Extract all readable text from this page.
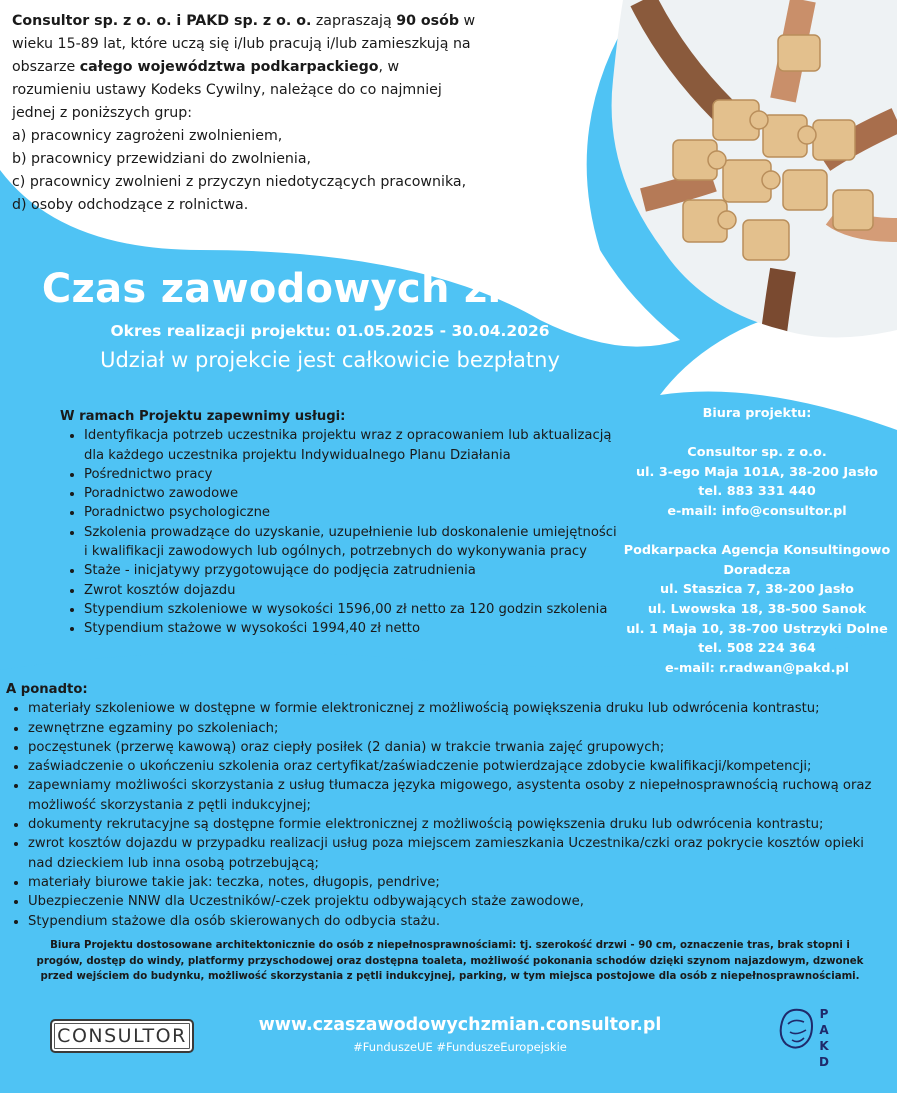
Consultor sp. z o. o. i PAKD sp. z o. o. zapraszają 90 osób w wieku 15-89 lat, które uczą się i/lub pracują i/lub zamieszkują na obszarze całego województwa podkarpackiego, w rozumieniu ustawy Kodeks Cywilny, należące do co najmniej jednej z poniższych grup:
a) pracownicy zagrożeni zwolnieniem,
b) pracownicy przewidziani do zwolnienia,
c) pracownicy zwolnieni z przyczyn niedotyczących pracownika,
d) osoby odchodzące z rolnictwa.
Czas zawodowych zmian!
Okres realizacji projektu: 01.05.2025 - 30.04.2026
Udział w projekcie jest całkowicie bezpłatny
W ramach Projektu zapewnimy usługi:
• Identyfikacja potrzeb uczestnika projektu wraz z opracowaniem lub aktualizacją dla każdego uczestnika projektu Indywidualnego Planu Działania
• Pośrednictwo pracy
• Poradnictwo zawodowe
• Poradnictwo psychologiczne
• Szkolenia prowadzące do uzyskanie, uzupełnienie lub doskonalenie umiejętności i kwalifikacji zawodowych lub ogólnych, potrzebnych do wykonywania pracy
• Staże - inicjatywy przygotowujące do podjęcia zatrudnienia
• Zwrot kosztów dojazdu
• Stypendium szkoleniowe w wysokości 1596,00 zł netto za 120 godzin szkolenia
• Stypendium stażowe w wysokości 1994,40 zł netto
Biura projektu:
Consultor sp. z o.o.
ul. 3-ego Maja 101A, 38-200 Jasło
tel. 883 331 440
e-mail: info@consultor.pl
Podkarpacka Agencja Konsultingowo Doradcza
ul. Staszica 7, 38-200 Jasło
ul. Lwowska 18, 38-500 Sanok
ul. 1 Maja 10, 38-700 Ustrzyki Dolne
tel. 508 224 364
e-mail: r.radwan@pakd.pl
A ponadto:
• materiały szkoleniowe w dostępne w formie elektronicznej z możliwością powiększenia druku lub odwrócenia kontrastu;
• zewnętrzne egzaminy po szkoleniach;
• poczęstunek (przerwę kawową) oraz ciepły posiłek (2 dania) w trakcie trwania zajęć grupowych;
• zaświadczenie o ukończeniu szkolenia oraz certyfikat/zaświadczenie potwierdzające zdobycie kwalifikacji/kompetencji;
• zapewniamy możliwości skorzystania z usług tłumacza języka migowego, asystenta osoby z niepełnosprawnością ruchową oraz możliwość skorzystania z pętli indukcyjnej;
• dokumenty rekrutacyjne są dostępne formie elektronicznej z możliwością powiększenia druku lub odwrócenia kontrastu;
• zwrot kosztów dojazdu w przypadku realizacji usług poza miejscem zamieszkania Uczestnika/czki oraz pokrycie kosztów opieki nad dzieckiem lub inna osobą potrzebującą;
• materiały biurowe takie jak: teczka, notes, długopis, pendrive;
• Ubezpieczenie NNW dla Uczestników/-czek projektu odbywających staże zawodowe,
• Stypendium stażowe dla osób skierowanych do odbycia stażu.
Biura Projektu dostosowane architektonicznie do osób z niepełnosprawnościami: tj. szerokość drzwi - 90 cm, oznaczenie tras, brak stopni i progów, dostęp do windy, platformy przyschodowej oraz dostępna toaleta, możliwość pokonania schodów dzięki szynom najazdowym, dzwonek przed wejściem do budynku, możliwość skorzystania z pętli indukcyjnej, parking, w tym miejsca postojowe dla osób z niepełnosprawnościami.
CONSULTOR	www.czaszawodowychzmian.consultor.pl
#FunduszeUE #FunduszeEuropejskie
P
A
K
D
